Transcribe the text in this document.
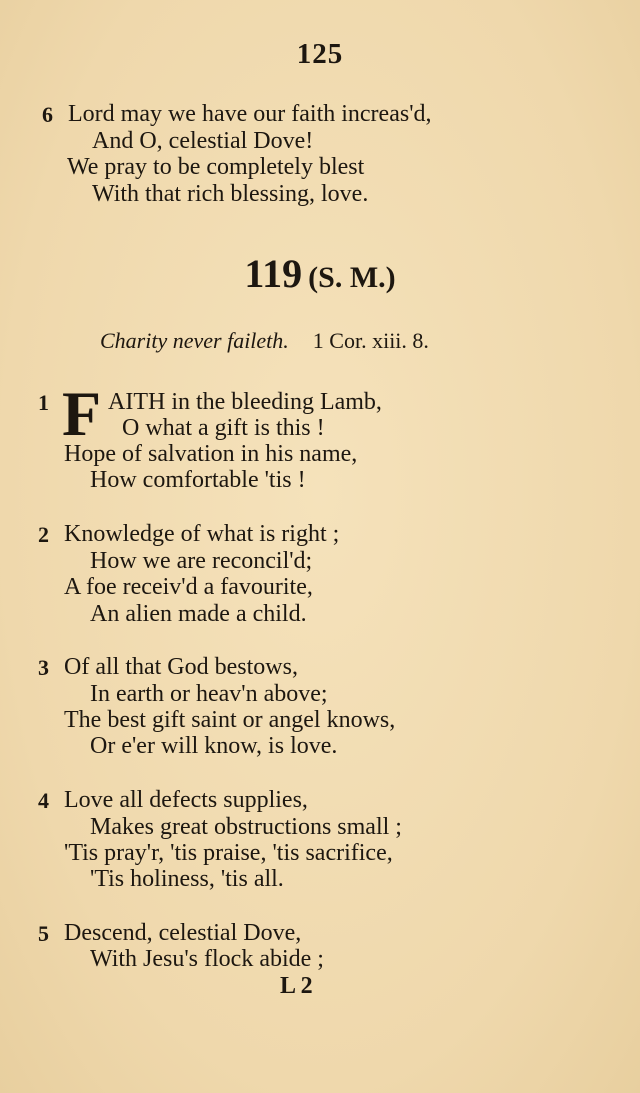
125
6 Lord may we have our faith increas'd,
And O, celestial Dove!
We pray to be completely blest
With that rich blessing, love.
119 (S. M.)
Charity never faileth. 1 Cor. xiii. 8.
1 F AITH in the bleeding Lamb,
O what a gift is this !
Hope of salvation in his name,
How comfortable 'tis !
2 Knowledge of what is right ;
How we are reconcil'd;
A foe receiv'd a favourite,
An alien made a child.
3 Of all that God bestows,
In earth or heav'n above;
The best gift saint or angel knows,
Or e'er will know, is love.
4 Love all defects supplies,
Makes great obstructions small ;
'Tis pray'r, 'tis praise, 'tis sacrifice,
'Tis holiness, 'tis all.
5 Descend, celestial Dove,
With Jesu's flock abide ;
L 2
